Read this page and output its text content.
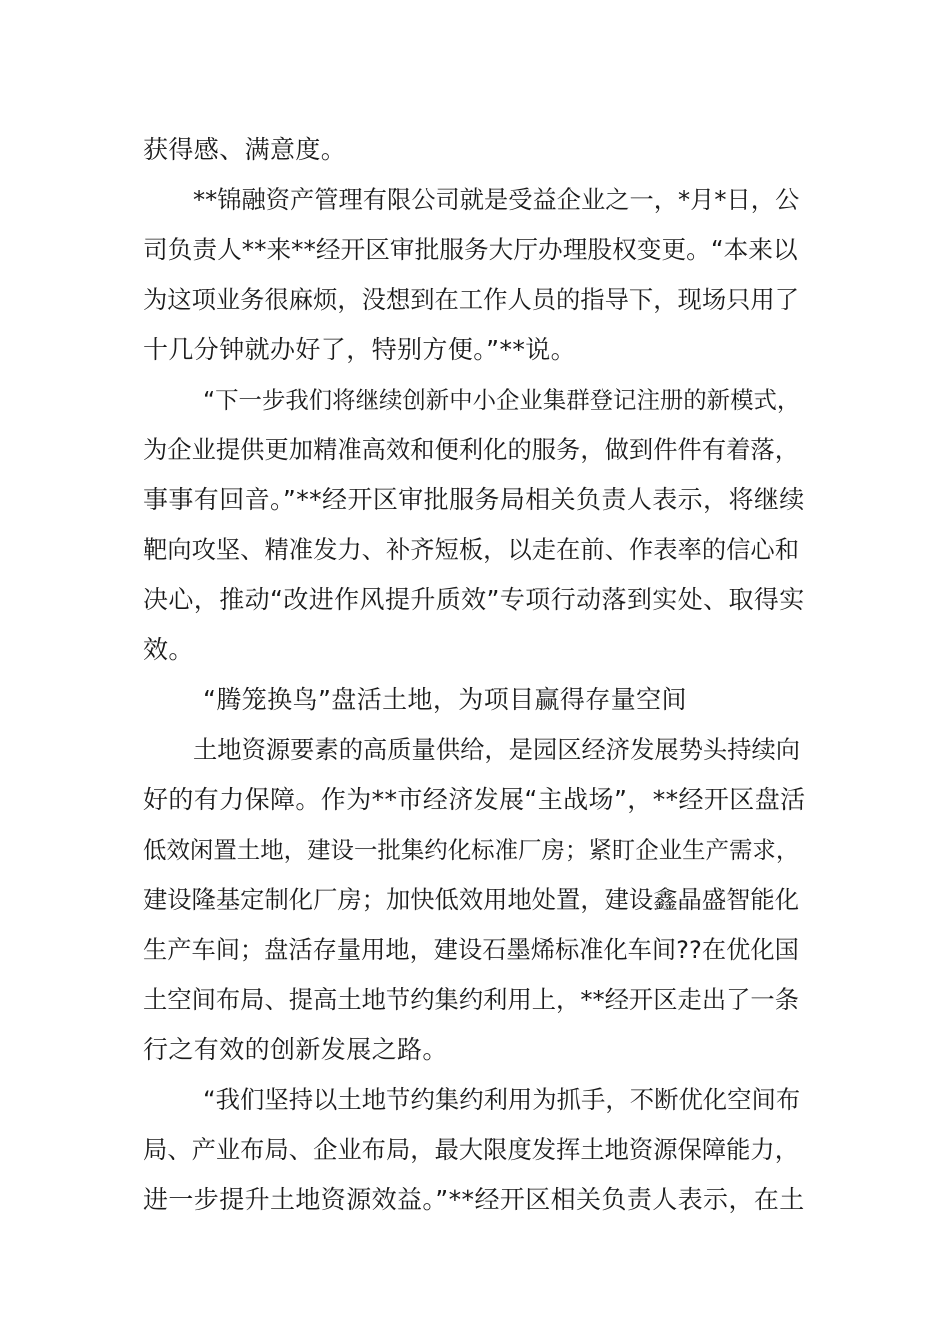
获得感、满意度。
**锦融资产管理有限公司就是受益企业之一，*月*日，公
司负责人**来**经开区审批服务大厅办理股权变更。“本来以
为这项业务很麻烦，没想到在工作人员的指导下，现场只用了
十几分钟就办好了，特别方便。”**说。
“下一步我们将继续创新中小企业集群登记注册的新模式，
为企业提供更加精准高效和便利化的服务，做到件件有着落，
事事有回音。”**经开区审批服务局相关负责人表示，将继续
靶向攻坚、精准发力、补齐短板，以走在前、作表率的信心和
决心，推动“改进作风提升质效”专项行动落到实处、取得实
效。
“腾笼换鸟”盘活土地，为项目赢得存量空间
土地资源要素的高质量供给，是园区经济发展势头持续向
好的有力保障。作为**市经济发展“主战场”，**经开区盘活
低效闲置土地，建设一批集约化标准厂房；紧盯企业生产需求，
建设隆基定制化厂房；加快低效用地处置，建设鑫晶盛智能化
生产车间；盘活存量用地，建设石墨烯标准化车间??在优化国
土空间布局、提高土地节约集约利用上，**经开区走出了一条
行之有效的创新发展之路。
“我们坚持以土地节约集约利用为抓手，不断优化空间布
局、产业布局、企业布局，最大限度发挥土地资源保障能力，
进一步提升土地资源效益。”**经开区相关负责人表示，在土
